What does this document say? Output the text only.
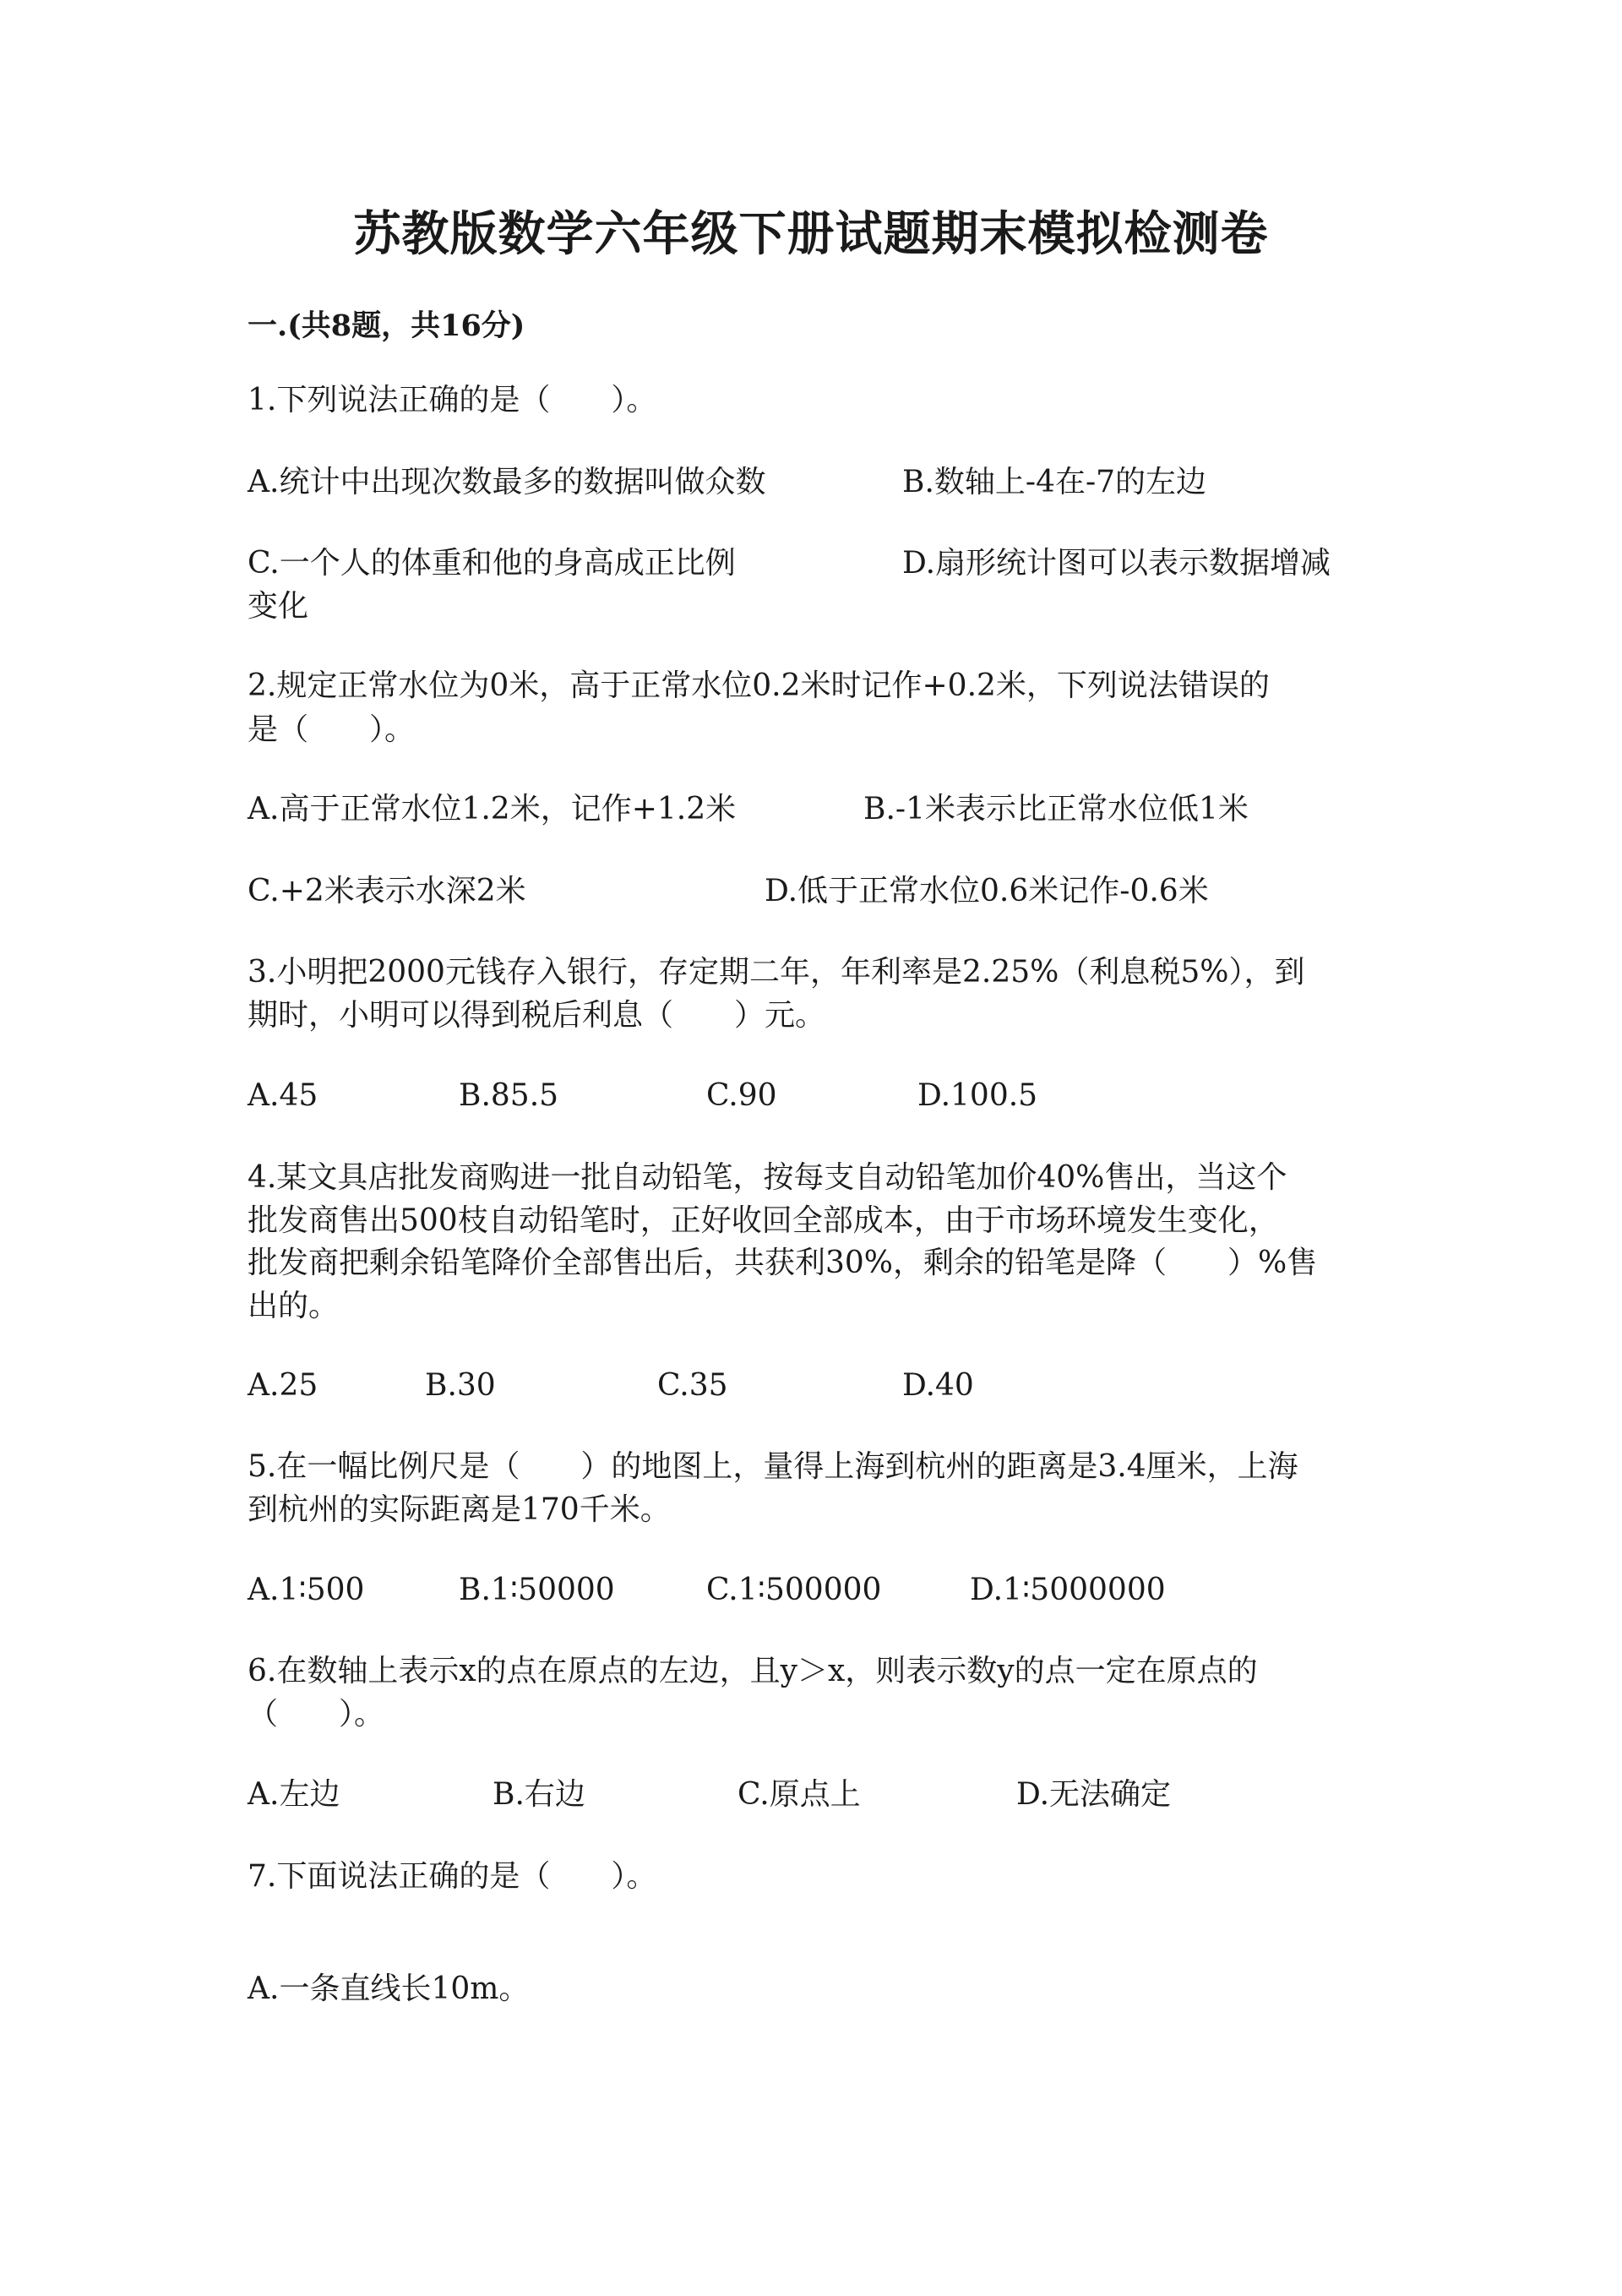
苏教版数学六年级下册试题期末模拟检测卷
一.(共8题，共16分)
1.下列说法正确的是（　　）。
A.统计中出现次数最多的数据叫做众数	B.数轴上-4在-7的左边
C.一个人的体重和他的身高成正比例	D.扇形统计图可以表示数据增减
变化
2.规定正常水位为0米，高于正常水位0.2米时记作+0.2米，下列说法错误的
是（　　）。
A.高于正常水位1.2米，记作+1.2米	B.-1米表示比正常水位低1米
C.+2米表示水深2米	D.低于正常水位0.6米记作-0.6米
3.小明把2000元钱存入银行，存定期二年，年利率是2.25%（利息税5%），到
期时，小明可以得到税后利息（　　）元。
A.45	B.85.5	C.90	D.100.5
4.某文具店批发商购进一批自动铅笔，按每支自动铅笔加价40%售出，当这个
批发商售出500枝自动铅笔时，正好收回全部成本，由于市场环境发生变化，
批发商把剩余铅笔降价全部售出后，共获利30%，剩余的铅笔是降（　　）%售
出的。
A.25	B.30	C.35	D.40
5.在一幅比例尺是（　　）的地图上，量得上海到杭州的距离是3.4厘米，上海
到杭州的实际距离是170千米。
A.1∶500	B.1∶50000	C.1∶500000	D.1∶5000000
6.在数轴上表示x的点在原点的左边，且y＞x，则表示数y的点一定在原点的
（　　）。
A.左边	B.右边	C.原点上	D.无法确定
7.下面说法正确的是（　　）。
A.一条直线长10m。
